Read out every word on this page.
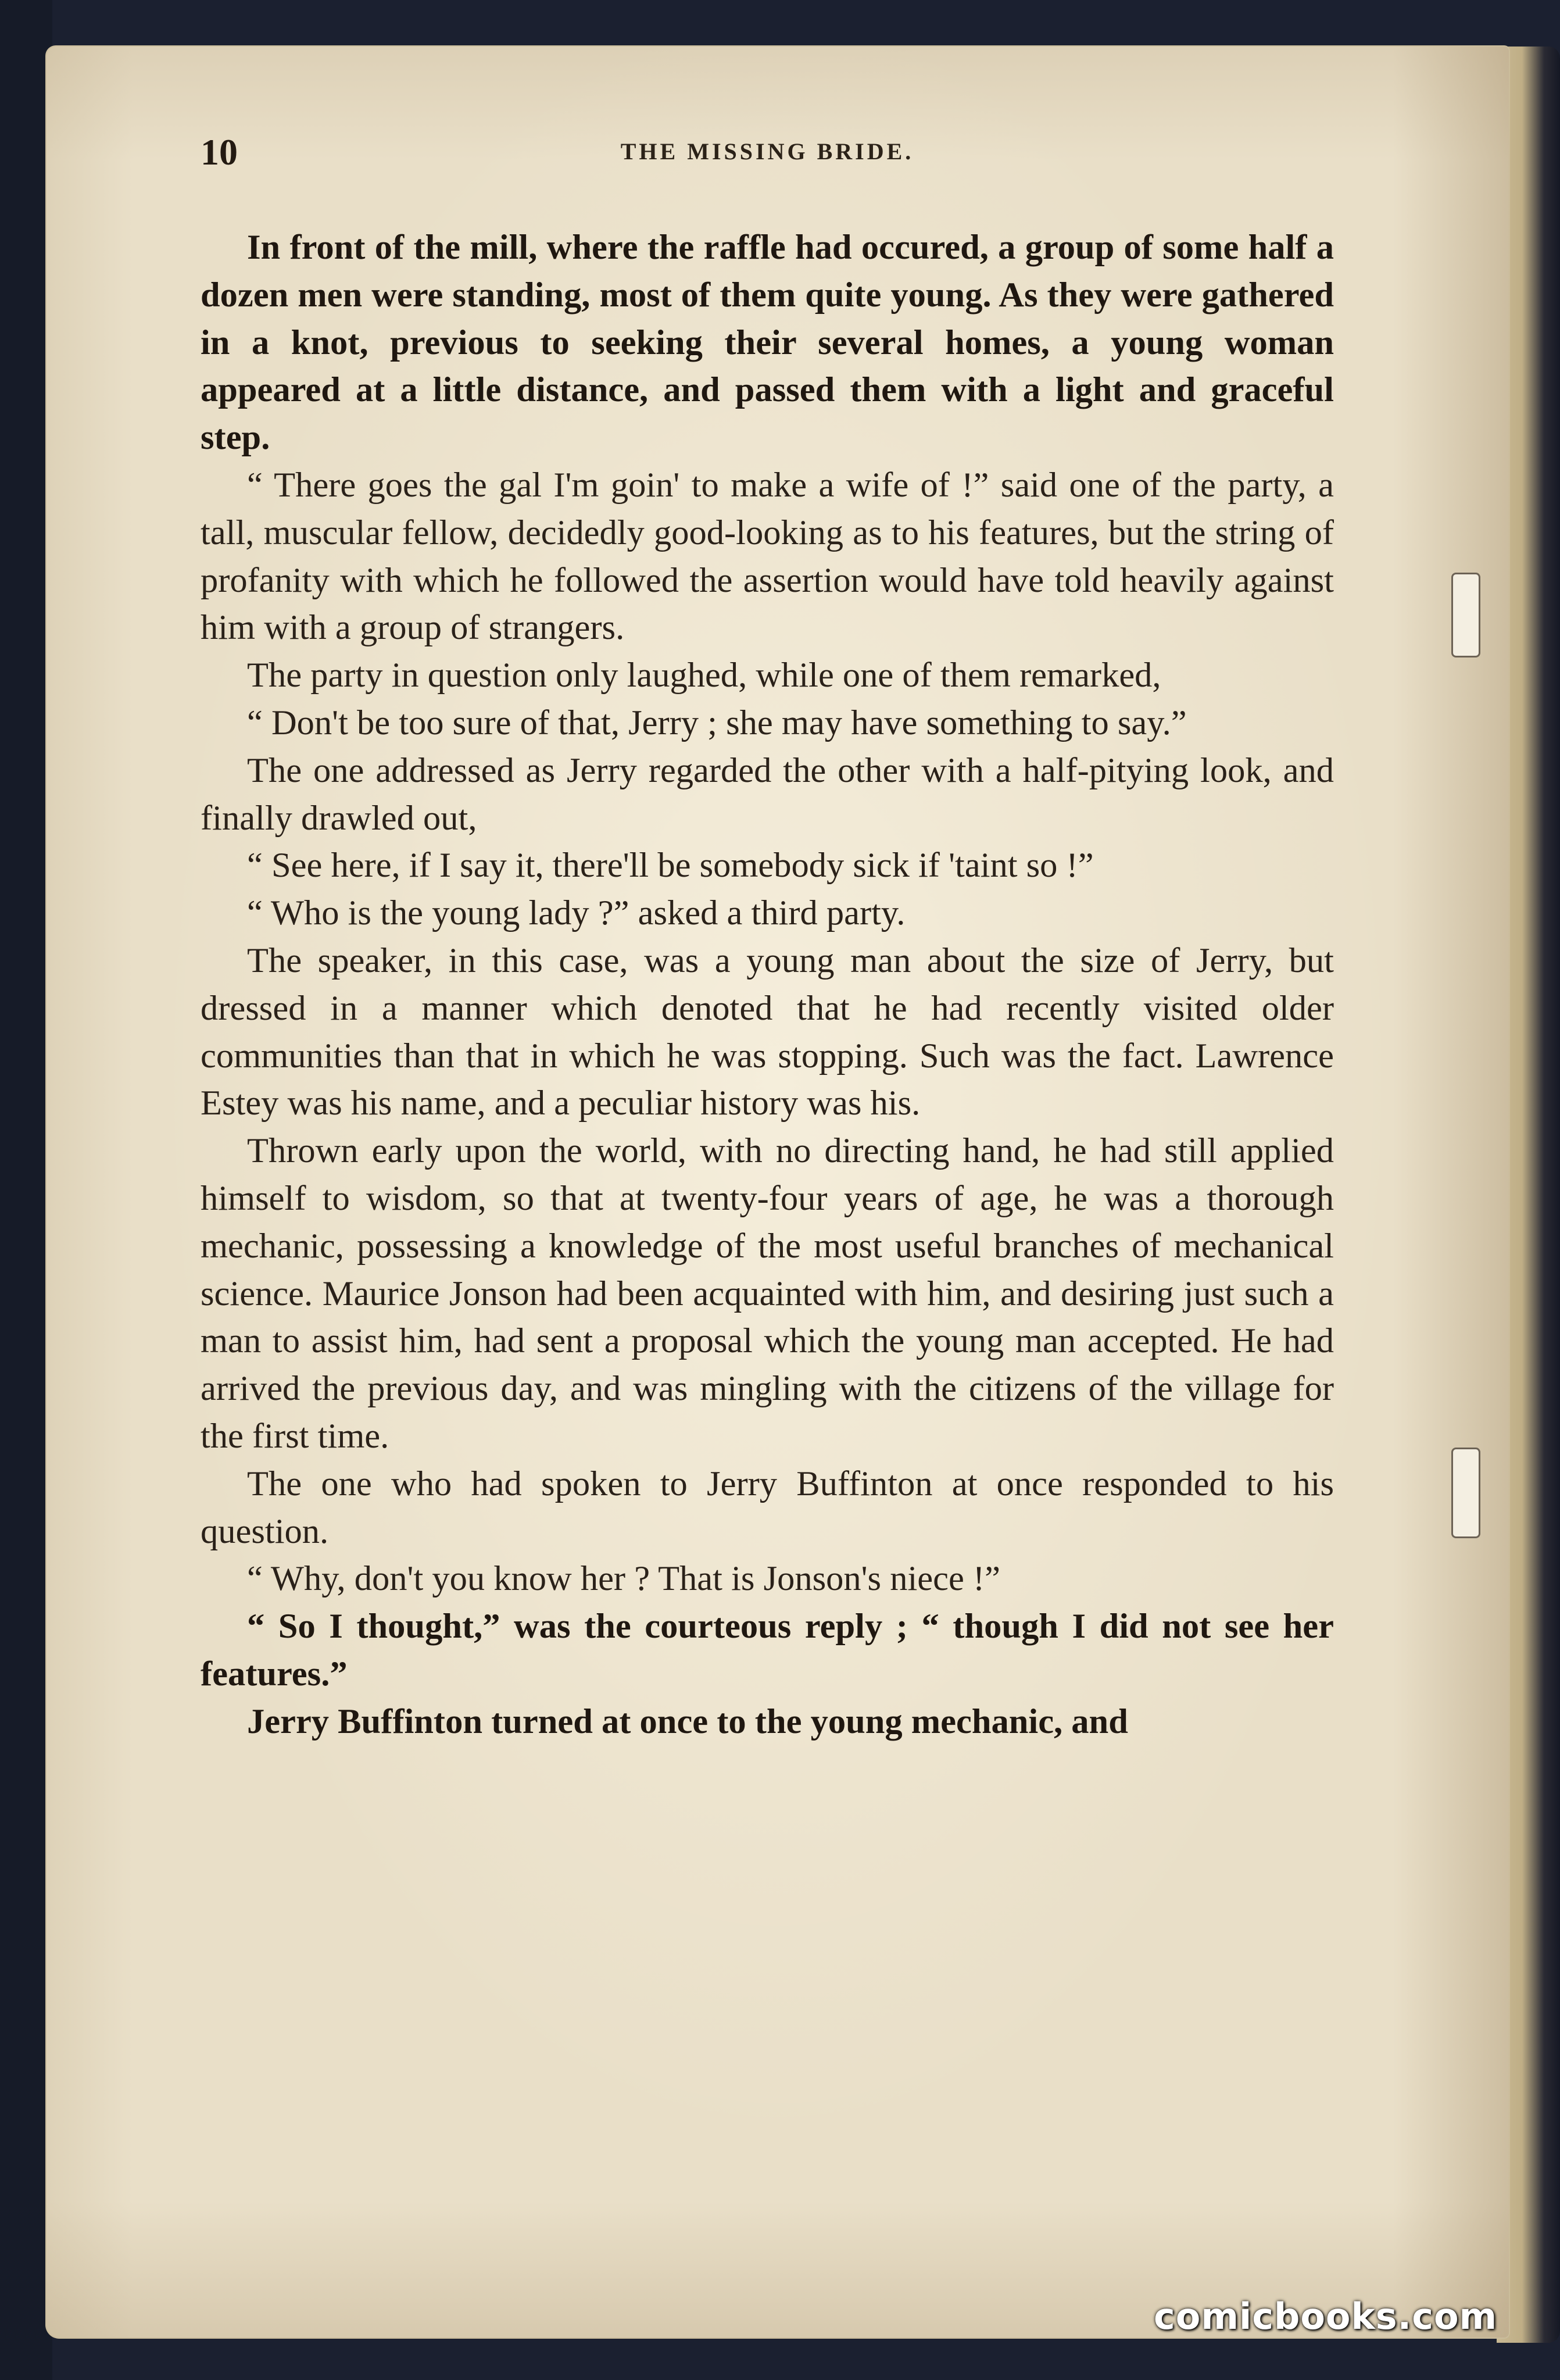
10	THE MISSING BRIDE.

In front of the mill, where the raffle had occured, a group of some half a dozen men were standing, most of them quite young. As they were gathered in a knot, previous to seeking their several homes, a young woman appeared at a little distance, and passed them with a light and graceful step.

“ There goes the gal I'm goin' to make a wife of !” said one of the party, a tall, muscular fellow, decidedly good-looking as to his features, but the string of profanity with which he followed the assertion would have told heavily against him with a group of strangers.

The party in question only laughed, while one of them remarked,

“ Don't be too sure of that, Jerry ; she may have something to say.”

The one addressed as Jerry regarded the other with a half-pitying look, and finally drawled out,

“ See here, if I say it, there'll be somebody sick if 'taint so !”

“ Who is the young lady ?” asked a third party.

The speaker, in this case, was a young man about the size of Jerry, but dressed in a manner which denoted that he had recently visited older communities than that in which he was stopping. Such was the fact. Lawrence Estey was his name, and a peculiar history was his.

Thrown early upon the world, with no directing hand, he had still applied himself to wisdom, so that at twenty-four years of age, he was a thorough mechanic, possessing a knowledge of the most useful branches of mechanical science. Maurice Jonson had been acquainted with him, and desiring just such a man to assist him, had sent a proposal which the young man accepted. He had arrived the previous day, and was mingling with the citizens of the village for the first time.

The one who had spoken to Jerry Buffinton at once responded to his question.

“ Why, don't you know her ? That is Jonson's niece !”

“ So I thought,” was the courteous reply ; “ though I did not see her features.”

Jerry Buffinton turned at once to the young mechanic, and

comicbooks.com
